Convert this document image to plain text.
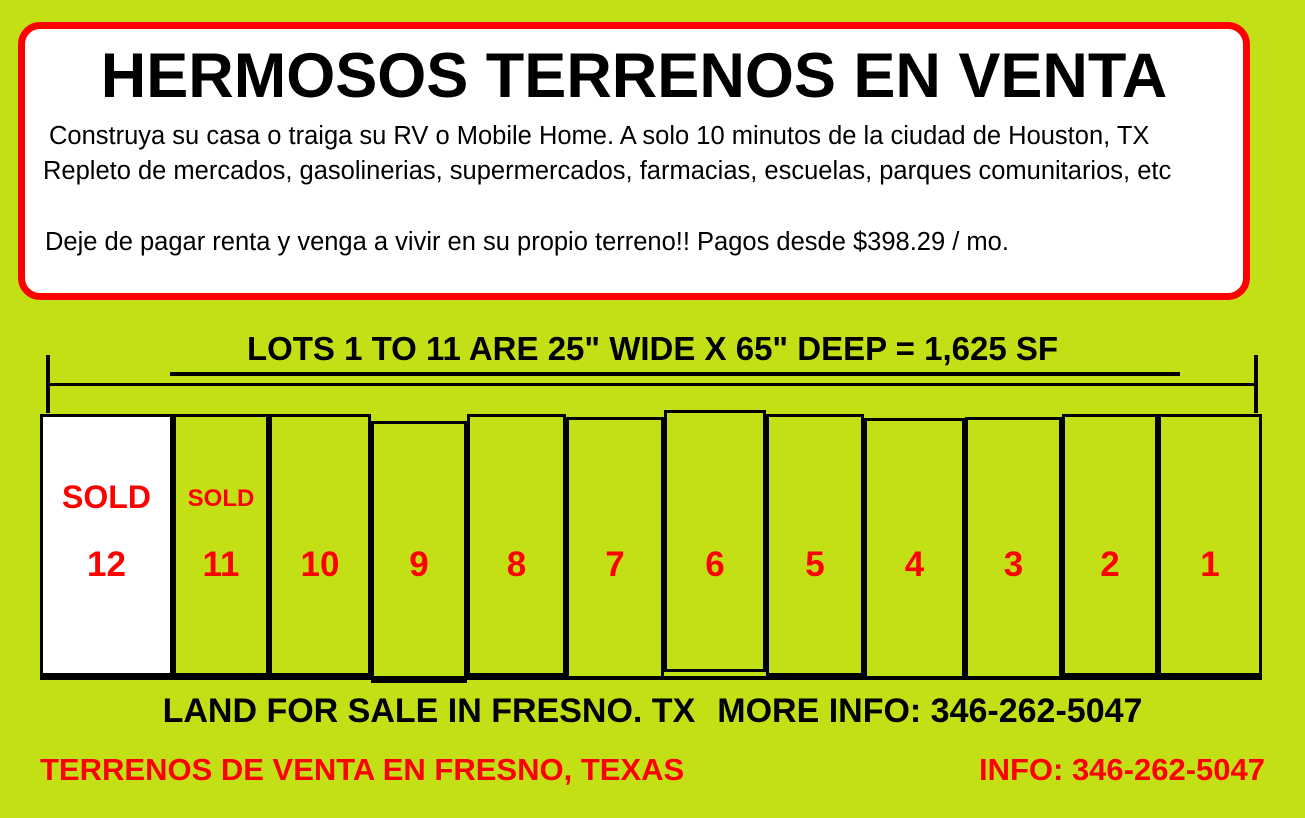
HERMOSOS TERRENOS EN VENTA
Construya su casa o traiga su RV o Mobile Home. A solo 10 minutos de la ciudad de Houston, TX
Repleto de mercados, gasolinerias, supermercados, farmacias, escuelas, parques comunitarios, etc
Deje de pagar renta y venga a vivir en su propio terreno!! Pagos desde $398.29 / mo.
LOTS 1 TO 11 ARE 25" WIDE X 65" DEEP = 1,625 SF
SOLD
12
SOLD
11	10	9	8	7	6	5	4	3	2	1
LAND FOR SALE IN FRESNO. TX MORE INFO: 346-262-5047
TERRENOS DE VENTA EN FRESNO, TEXAS	INFO: 346-262-5047
